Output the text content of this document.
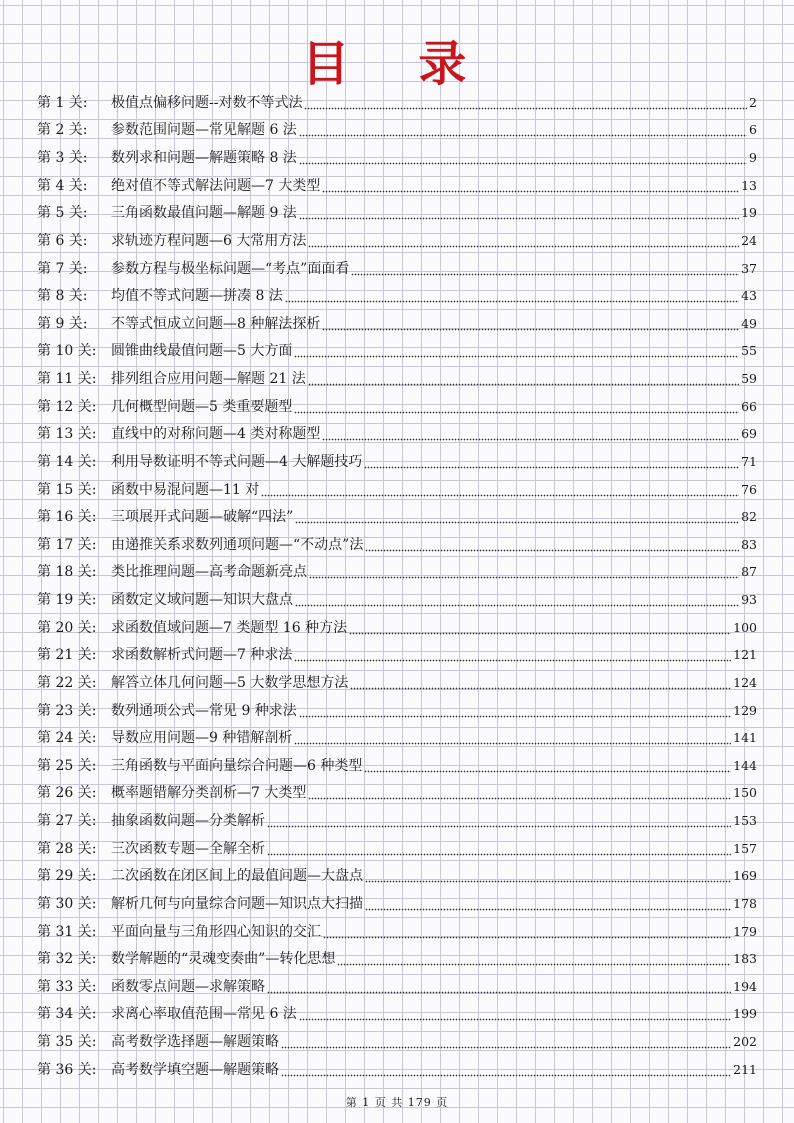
目 录
第 1 关:	极值点偏移问题--对数不等式法	2
第 2 关:	参数范围问题—常见解题 6 法	6
第 3 关:	数列求和问题—解题策略 8 法	9
第 4 关:	绝对值不等式解法问题—7 大类型	13
第 5 关:	三角函数最值问题—解题 9 法	19
第 6 关:	求轨迹方程问题—6 大常用方法	24
第 7 关:	参数方程与极坐标问题—“考点”面面看	37
第 8 关:	均值不等式问题—拼凑 8 法	43
第 9 关:	不等式恒成立问题—8 种解法探析	49
第 10 关:	圆锥曲线最值问题—5 大方面	55
第 11 关:	排列组合应用问题—解题 21 法	59
第 12 关:	几何概型问题—5 类重要题型	66
第 13 关:	直线中的对称问题—4 类对称题型	69
第 14 关:	利用导数证明不等式问题—4 大解题技巧	71
第 15 关:	函数中易混问题—11 对	76
第 16 关:	三项展开式问题—破解“四法”	82
第 17 关:	由递推关系求数列通项问题—“不动点”法	83
第 18 关:	类比推理问题—高考命题新亮点	87
第 19 关:	函数定义域问题—知识大盘点	93
第 20 关:	求函数值域问题—7 类题型 16 种方法	100
第 21 关:	求函数解析式问题—7 种求法	121
第 22 关:	解答立体几何问题—5 大数学思想方法	124
第 23 关:	数列通项公式—常见 9 种求法	129
第 24 关:	导数应用问题—9 种错解剖析	141
第 25 关:	三角函数与平面向量综合问题—6 种类型	144
第 26 关:	概率题错解分类剖析—7 大类型	150
第 27 关:	抽象函数问题—分类解析	153
第 28 关:	三次函数专题—全解全析	157
第 29 关:	二次函数在闭区间上的最值问题—大盘点	169
第 30 关:	解析几何与向量综合问题—知识点大扫描	178
第 31 关:	平面向量与三角形四心知识的交汇	179
第 32 关:	数学解题的“灵魂变奏曲”—转化思想	183
第 33 关:	函数零点问题—求解策略	194
第 34 关:	求离心率取值范围—常见 6 法	199
第 35 关:	高考数学选择题—解题策略	202
第 36 关:	高考数学填空题—解题策略	211
第 1 页 共 179 页
